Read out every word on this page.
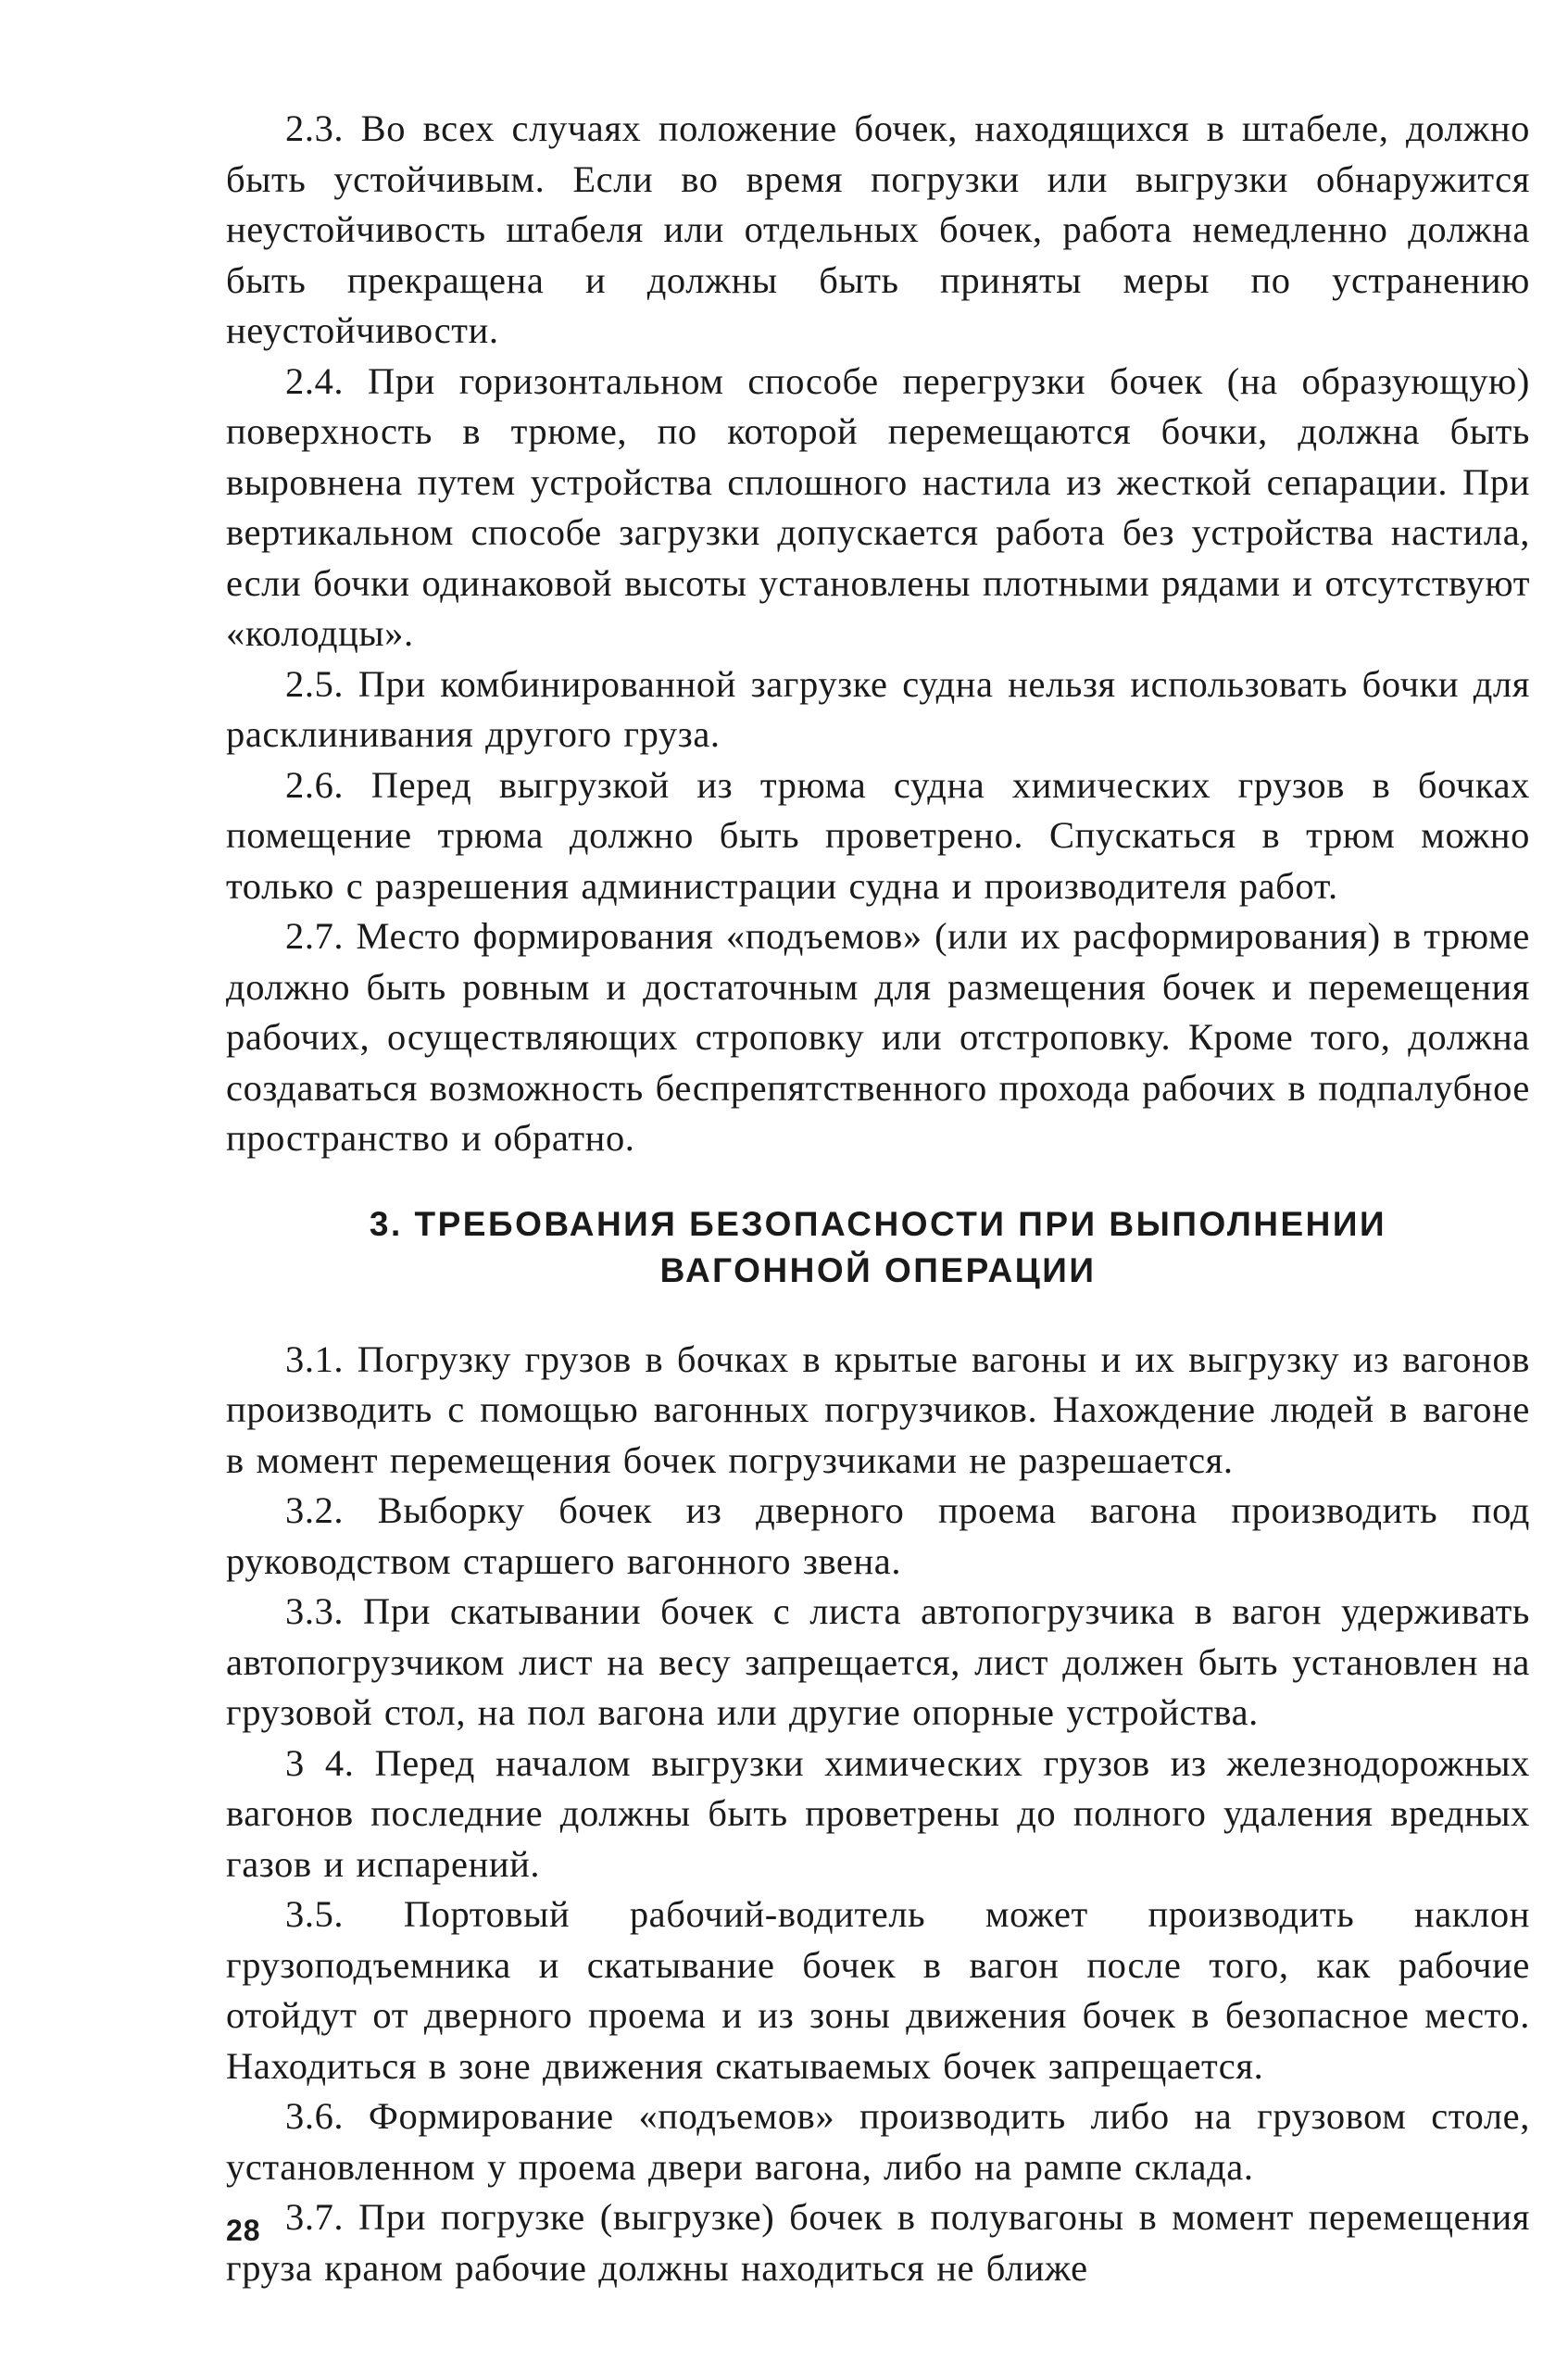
2.3. Во всех случаях положение бочек, находящихся в штабеле, должно быть устойчивым. Если во время погрузки или выгрузки обнаружится неустойчивость штабеля или отдельных бочек, работа немедленно должна быть прекращена и должны быть приняты меры по устранению неустойчивости.

2.4. При горизонтальном способе перегрузки бочек (на образующую) поверхность в трюме, по которой перемещаются бочки, должна быть выровнена путем устройства сплошного настила из жесткой сепарации. При вертикальном способе загрузки допускается работа без устройства настила, если бочки одинаковой высоты установлены плотными рядами и отсутствуют «колодцы».

2.5. При комбинированной загрузке судна нельзя использовать бочки для расклинивания другого груза.

2.6. Перед выгрузкой из трюма судна химических грузов в бочках помещение трюма должно быть проветрено. Спускаться в трюм можно только с разрешения администрации судна и производителя работ.

2.7. Место формирования «подъемов» (или их расформирования) в трюме должно быть ровным и достаточным для размещения бочек и перемещения рабочих, осуществляющих строповку или отстроповку. Кроме того, должна создаваться возможность беспрепятственного прохода рабочих в подпалубное пространство и обратно.

3. ТРЕБОВАНИЯ БЕЗОПАСНОСТИ ПРИ ВЫПОЛНЕНИИ
ВАГОННОЙ ОПЕРАЦИИ

3.1. Погрузку грузов в бочках в крытые вагоны и их выгрузку из вагонов производить с помощью вагонных погрузчиков. Нахождение людей в вагоне в момент перемещения бочек погрузчиками не разрешается.

3.2. Выборку бочек из дверного проема вагона производить под руководством старшего вагонного звена.

3.3. При скатывании бочек с листа автопогрузчика в вагон удерживать автопогрузчиком лист на весу запрещается, лист должен быть установлен на грузовой стол, на пол вагона или другие опорные устройства.

3 4. Перед началом выгрузки химических грузов из железнодорожных вагонов последние должны быть проветрены до полного удаления вредных газов и испарений.

3.5. Портовый рабочий-водитель может производить наклон грузоподъемника и скатывание бочек в вагон после того, как рабочие отойдут от дверного проема и из зоны движения бочек в безопасное место. Находиться в зоне движения скатываемых бочек запрещается.

3.6. Формирование «подъемов» производить либо на грузовом столе, установленном у проема двери вагона, либо на рампе склада.

3.7. При погрузке (выгрузке) бочек в полувагоны в момент перемещения груза краном рабочие должны находиться не ближе

28
